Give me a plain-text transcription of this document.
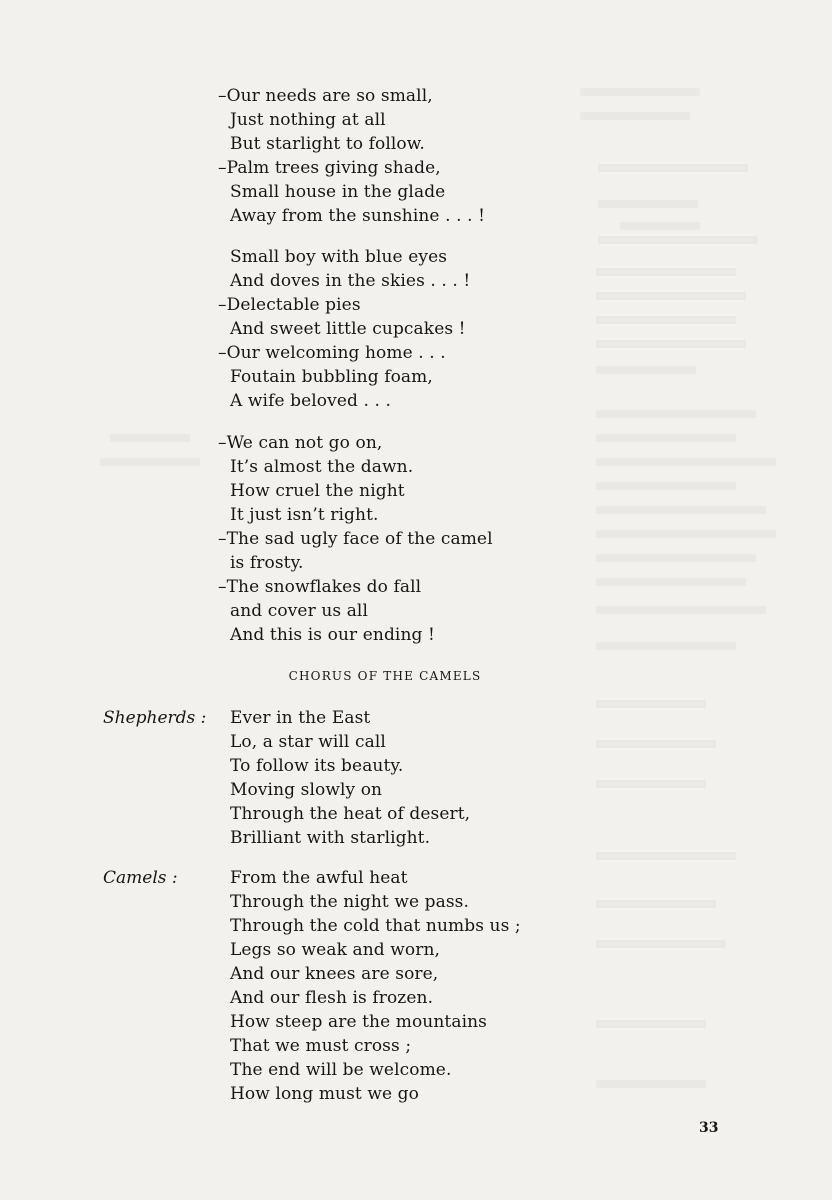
–Our needs are so small,
Just nothing at all
But starlight to follow.
–Palm trees giving shade,
Small house in the glade
Away from the sunshine . . . !
Small boy with blue eyes
And doves in the skies . . . !
–Delectable pies
And sweet little cupcakes !
–Our welcoming home . . .
Foutain bubbling foam,
A wife beloved . . .
–We can not go on,
It’s almost the dawn.
How cruel the night
It just isn’t right.
–The sad ugly face of the camel
is frosty.
–The snowflakes do fall
and cover us all
And this is our ending !
CHORUS OF THE CAMELS
Shepherds : Ever in the East
Lo, a star will call
To follow its beauty.
Moving slowly on
Through the heat of desert,
Brilliant with starlight.
Camels :	From the awful heat
Through the night we pass.
Through the cold that numbs us ;
Legs so weak and worn,
And our knees are sore,
And our flesh is frozen.
How steep are the mountains
That we must cross ;
The end will be welcome.
How long must we go
33
